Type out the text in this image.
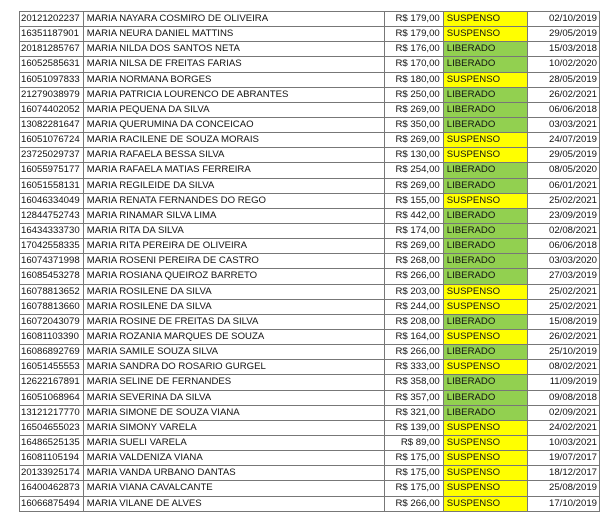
20121202237	MARIA NAYARA COSMIRO DE OLIVEIRA	R$ 179,00	SUSPENSO	02/10/2019
16351187901	MARIA NEURA DANIEL MATTINS	R$ 179,00	SUSPENSO	29/05/2019
20181285767	MARIA NILDA DOS SANTOS NETA	R$ 176,00	LIBERADO	15/03/2018
16052585631	MARIA NILSA DE FREITAS FARIAS	R$ 170,00	LIBERADO	10/02/2020
16051097833	MARIA NORMANA BORGES	R$ 180,00	SUSPENSO	28/05/2019
21279038979	MARIA PATRICIA LOURENCO DE ABRANTES	R$ 250,00	LIBERADO	26/02/2021
16074402052	MARIA PEQUENA DA SILVA	R$ 269,00	LIBERADO	06/06/2018
13082281647	MARIA QUERUMINA DA CONCEICAO	R$ 350,00	LIBERADO	03/03/2021
16051076724	MARIA RACILENE DE SOUZA MORAIS	R$ 269,00	SUSPENSO	24/07/2019
23725029737	MARIA RAFAELA BESSA SILVA	R$ 130,00	SUSPENSO	29/05/2019
16055975177	MARIA RAFAELA MATIAS FERREIRA	R$ 254,00	LIBERADO	08/05/2020
16051558131	MARIA REGILEIDE DA SILVA	R$ 269,00	LIBERADO	06/01/2021
16046334049	MARIA RENATA FERNANDES DO REGO	R$ 155,00	SUSPENSO	25/02/2021
12844752743	MARIA RINAMAR SILVA LIMA	R$ 442,00	LIBERADO	23/09/2019
16434333730	MARIA RITA DA SILVA	R$ 174,00	LIBERADO	02/08/2021
17042558335	MARIA RITA PEREIRA DE OLIVEIRA	R$ 269,00	LIBERADO	06/06/2018
16074371998	MARIA ROSENI PEREIRA DE CASTRO	R$ 268,00	LIBERADO	03/03/2020
16085453278	MARIA ROSIANA QUEIROZ BARRETO	R$ 266,00	LIBERADO	27/03/2019
16078813652	MARIA ROSILENE DA SILVA	R$ 203,00	SUSPENSO	25/02/2021
16078813660	MARIA ROSILENE DA SILVA	R$ 244,00	SUSPENSO	25/02/2021
16072043079	MARIA ROSINE DE FREITAS DA SILVA	R$ 208,00	LIBERADO	15/08/2019
16081103390	MARIA ROZANIA MARQUES DE SOUZA	R$ 164,00	SUSPENSO	26/02/2021
16086892769	MARIA SAMILE SOUZA SILVA	R$ 266,00	LIBERADO	25/10/2019
16051455553	MARIA SANDRA DO ROSARIO GURGEL	R$ 333,00	SUSPENSO	08/02/2021
12622167891	MARIA SELINE DE FERNANDES	R$ 358,00	LIBERADO	11/09/2019
16051068964	MARIA SEVERINA DA SILVA	R$ 357,00	LIBERADO	09/08/2018
13121217770	MARIA SIMONE DE SOUZA VIANA	R$ 321,00	LIBERADO	02/09/2021
16504655023	MARIA SIMONY VARELA	R$ 139,00	SUSPENSO	24/02/2021
16486525135	MARIA SUELI VARELA	R$ 89,00	SUSPENSO	10/03/2021
16081105194	MARIA VALDENIZA VIANA	R$ 175,00	SUSPENSO	19/07/2017
20133925174	MARIA VANDA URBANO DANTAS	R$ 175,00	SUSPENSO	18/12/2017
16400462873	MARIA VIANA CAVALCANTE	R$ 175,00	SUSPENSO	25/08/2019
16066875494	MARIA VILANE DE ALVES	R$ 266,00	SUSPENSO	17/10/2019
